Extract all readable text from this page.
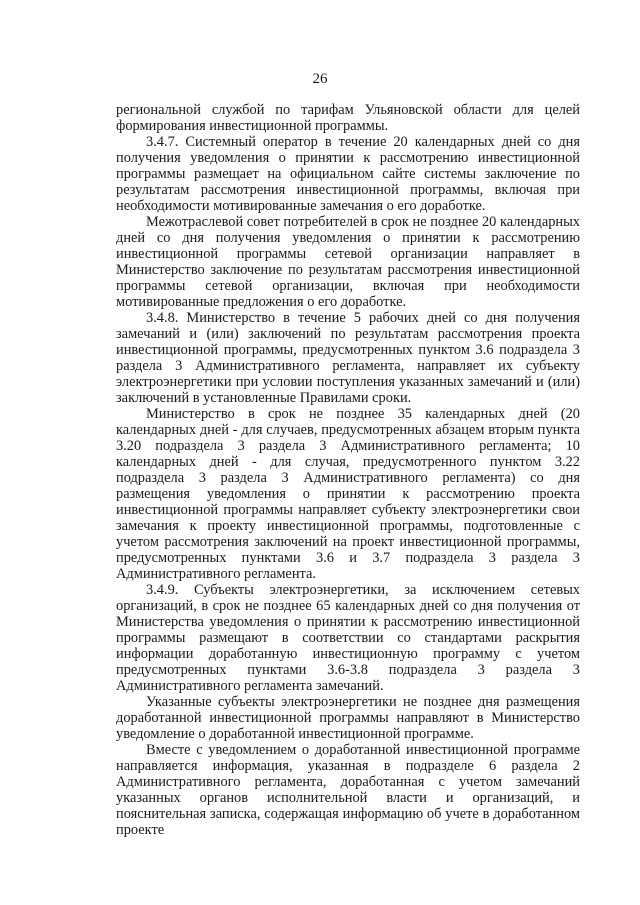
26

региональной службой по тарифам Ульяновской области для целей формирования инвестиционной программы.

3.4.7. Системный оператор в течение 20 календарных дней со дня получения уведомления о принятии к рассмотрению инвестиционной программы размещает на официальном сайте системы заключение по результатам рассмотрения инвестиционной программы, включая при необходимости мотивированные замечания о его доработке.

Межотраслевой совет потребителей в срок не позднее 20 календарных дней со дня получения уведомления о принятии к рассмотрению инвестиционной программы сетевой организации направляет в Министерство заключение по результатам рассмотрения инвестиционной программы сетевой организации, включая при необходимости мотивированные предложения о его доработке.

3.4.8. Министерство в течение 5 рабочих дней со дня получения замечаний и (или) заключений по результатам рассмотрения проекта инвестиционной программы, предусмотренных пунктом 3.6 подраздела 3 раздела 3 Административного регламента, направляет их субъекту электроэнергетики при условии поступления указанных замечаний и (или) заключений в установленные Правилами сроки.

Министерство в срок не позднее 35 календарных дней (20 календарных дней - для случаев, предусмотренных абзацем вторым пункта 3.20 подраздела 3 раздела 3 Административного регламента; 10 календарных дней - для случая, предусмотренного пунктом 3.22 подраздела 3 раздела 3 Административного регламента) со дня размещения уведомления о принятии к рассмотрению проекта инвестиционной программы направляет субъекту электроэнергетики свои замечания к проекту инвестиционной программы, подготовленные с учетом рассмотрения заключений на проект инвестиционной программы, предусмотренных пунктами 3.6 и 3.7 подраздела 3 раздела 3 Административного регламента.

3.4.9. Субъекты электроэнергетики, за исключением сетевых организаций, в срок не позднее 65 календарных дней со дня получения от Министерства уведомления о принятии к рассмотрению инвестиционной программы размещают в соответствии со стандартами раскрытия информации доработанную инвестиционную программу с учетом предусмотренных пунктами 3.6-3.8 подраздела 3 раздела 3 Административного регламента замечаний.

Указанные субъекты электроэнергетики не позднее дня размещения доработанной инвестиционной программы направляют в Министерство уведомление о доработанной инвестиционной программе.

Вместе с уведомлением о доработанной инвестиционной программе направляется информация, указанная в подразделе 6 раздела 2 Административного регламента, доработанная с учетом замечаний указанных органов исполнительной власти и организаций, и пояснительная записка, содержащая информацию об учете в доработанном проекте
